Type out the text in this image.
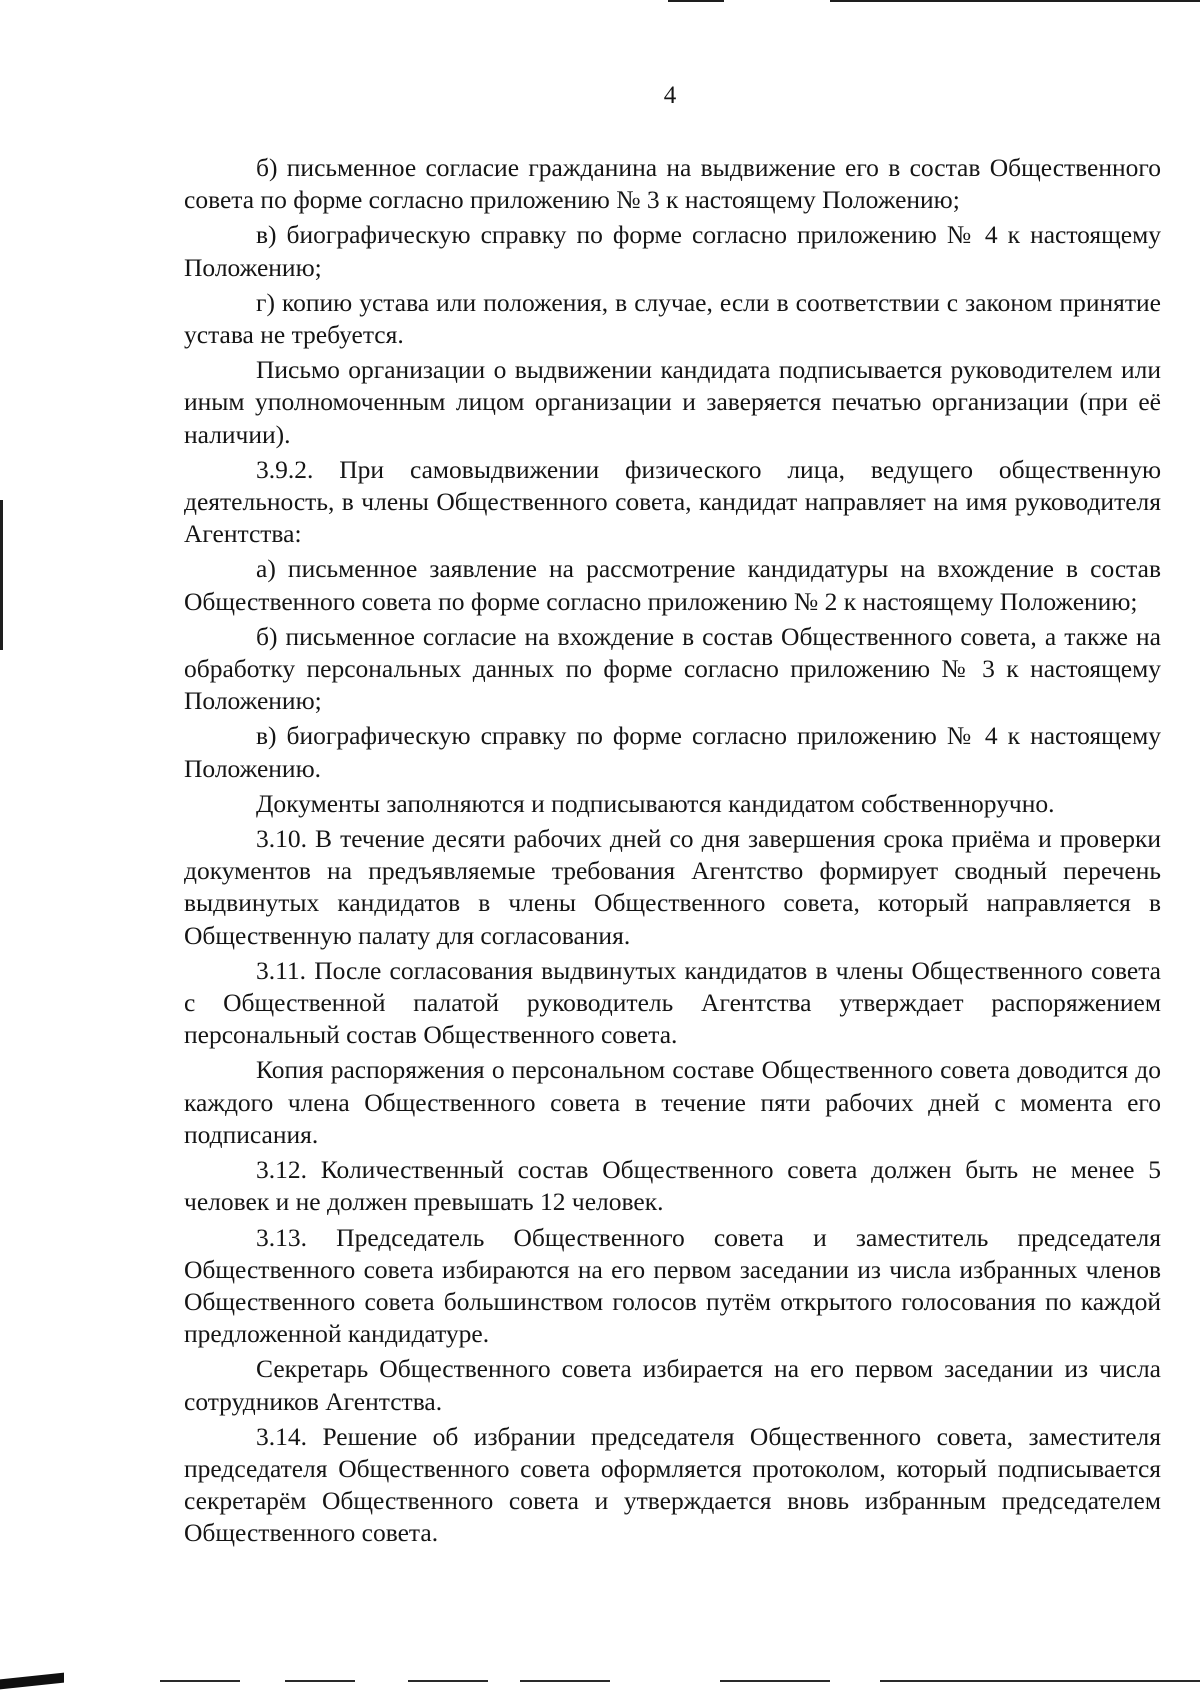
4

б) письменное согласие гражданина на выдвижение его в состав Общественного совета по форме согласно приложению № 3 к настоящему Положению;

в) биографическую справку по форме согласно приложению № 4 к настоящему Положению;

г) копию устава или положения, в случае, если в соответствии с законом принятие устава не требуется.

Письмо организации о выдвижении кандидата подписывается руководителем или иным уполномоченным лицом организации и заверяется печатью организации (при её наличии).

3.9.2. При самовыдвижении физического лица, ведущего общественную деятельность, в члены Общественного совета, кандидат направляет на имя руководителя Агентства:

а) письменное заявление на рассмотрение кандидатуры на вхождение в состав Общественного совета по форме согласно приложению № 2 к настоящему Положению;

б) письменное согласие на вхождение в состав Общественного совета, а также на обработку персональных данных по форме согласно приложению № 3 к настоящему Положению;

в) биографическую справку по форме согласно приложению № 4 к настоящему Положению.

Документы заполняются и подписываются кандидатом собственноручно.

3.10. В течение десяти рабочих дней со дня завершения срока приёма и проверки документов на предъявляемые требования Агентство формирует сводный перечень выдвинутых кандидатов в члены Общественного совета, который направляется в Общественную палату для согласования.

3.11. После согласования выдвинутых кандидатов в члены Общественного совета с Общественной палатой руководитель Агентства утверждает распоряжением персональный состав Общественного совета.

Копия распоряжения о персональном составе Общественного совета доводится до каждого члена Общественного совета в течение пяти рабочих дней с момента его подписания.

3.12. Количественный состав Общественного совета должен быть не менее 5 человек и не должен превышать 12 человек.

3.13. Председатель Общественного совета и заместитель председателя Общественного совета избираются на его первом заседании из числа избранных членов Общественного совета большинством голосов путём открытого голосования по каждой предложенной кандидатуре.

Секретарь Общественного совета избирается на его первом заседании из числа сотрудников Агентства.

3.14. Решение об избрании председателя Общественного совета, заместителя председателя Общественного совета оформляется протоколом, который подписывается секретарём Общественного совета и утверждается вновь избранным председателем Общественного совета.
